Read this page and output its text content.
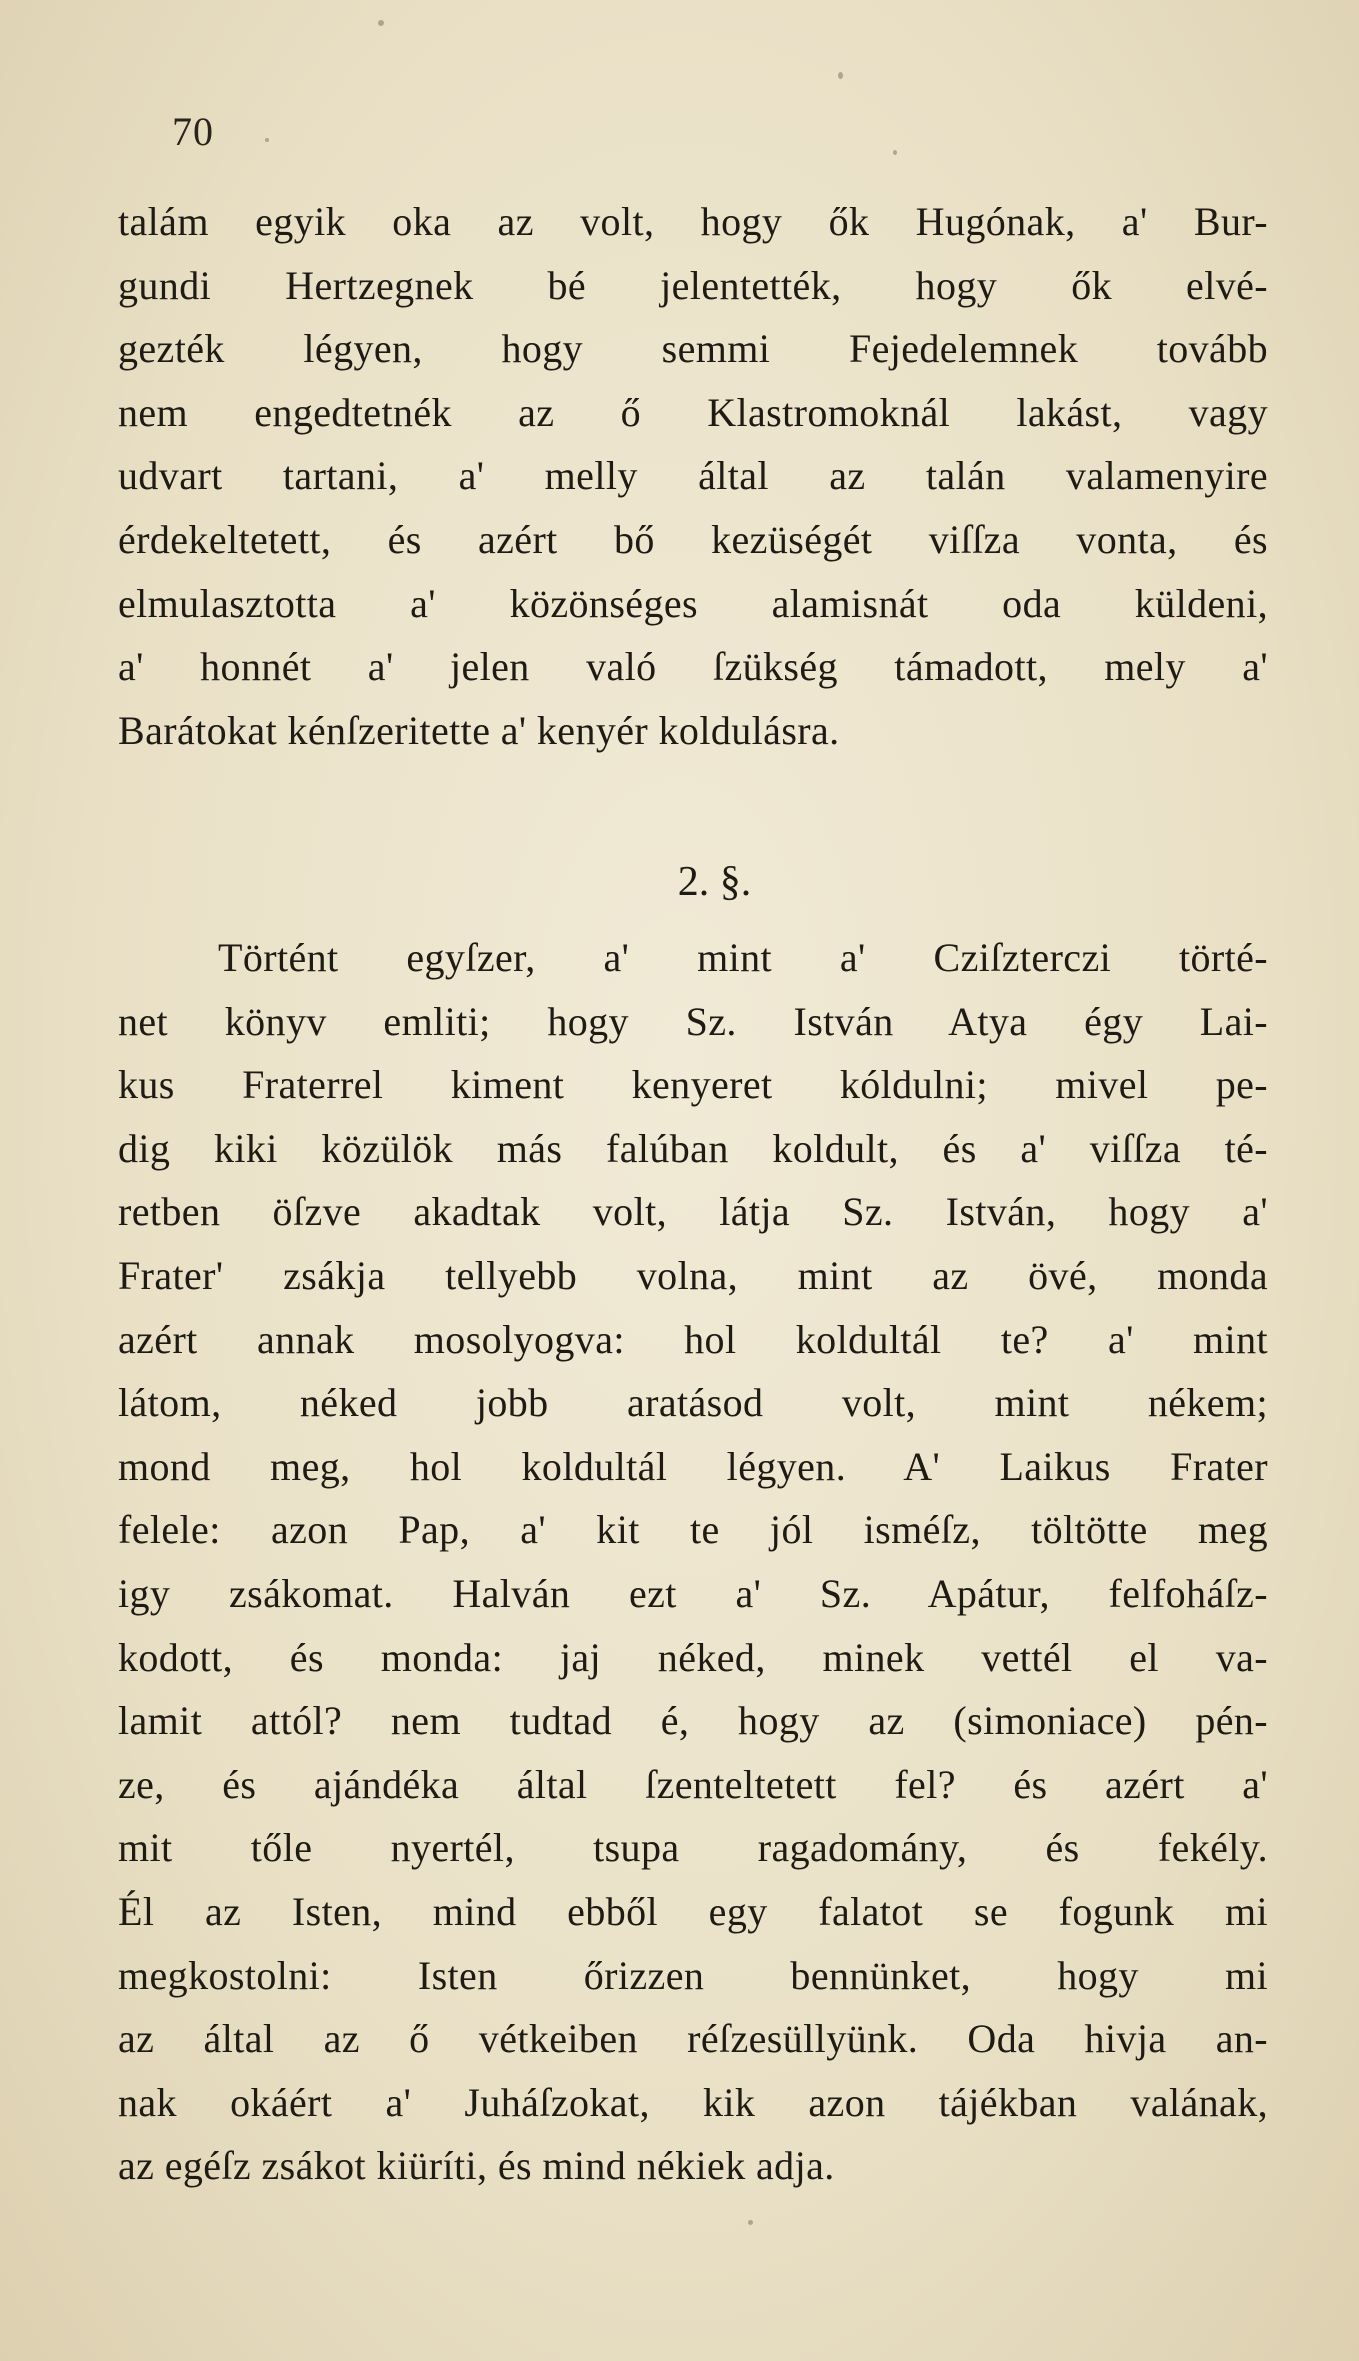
70
talám egyik oka az volt, hogy ők Hugónak, a' Bur-
gundi Hertzegnek bé jelentették, hogy ők elvé-
gezték légyen, hogy semmi Fejedelemnek tovább
nem engedtetnék az ő Klastromoknál lakást, vagy
udvart tartani, a' melly által az talán valamenyire
érdekeltetett, és azért bő kezüségét viſſza vonta, és
elmulasztotta a' közönséges alamisnát oda küldeni,
a' honnét a' jelen való ſzükség támadott, mely a'
Barátokat kénſzeritette a' kenyér koldulásra.
2. §.
Történt egyſzer, a' mint a' Cziſzterczi törté-
net könyv emliti; hogy Sz. István Atya égy Lai-
kus Fraterrel kiment kenyeret kóldulni; mivel pe-
dig kiki közülök más falúban koldult, és a' viſſza té-
retben öſzve akadtak volt, látja Sz. István, hogy a'
Frater' zsákja tellyebb volna, mint az övé, monda
azért annak mosolyogva: hol koldultál te? a' mint
látom, néked jobb aratásod volt, mint nékem;
mond meg, hol koldultál légyen. A' Laikus Frater
felele: azon Pap, a' kit te jól isméſz, töltötte meg
igy zsákomat. Halván ezt a' Sz. Apátur, felfoháſz-
kodott, és monda: jaj néked, minek vettél el va-
lamit attól? nem tudtad é, hogy az (simoniace) pén-
ze, és ajándéka által ſzenteltetett fel? és azért a'
mit tőle nyertél, tsupa ragadomány, és fekély.
Él az Isten, mind ebből egy falatot se fogunk mi
megkostolni: Isten őrizzen bennünket, hogy mi
az által az ő vétkeiben réſzesüllyünk. Oda hivja an-
nak okáért a' Juháſzokat, kik azon tájékban valának,
az egéſz zsákot kiüríti, és mind nékiek adja.
